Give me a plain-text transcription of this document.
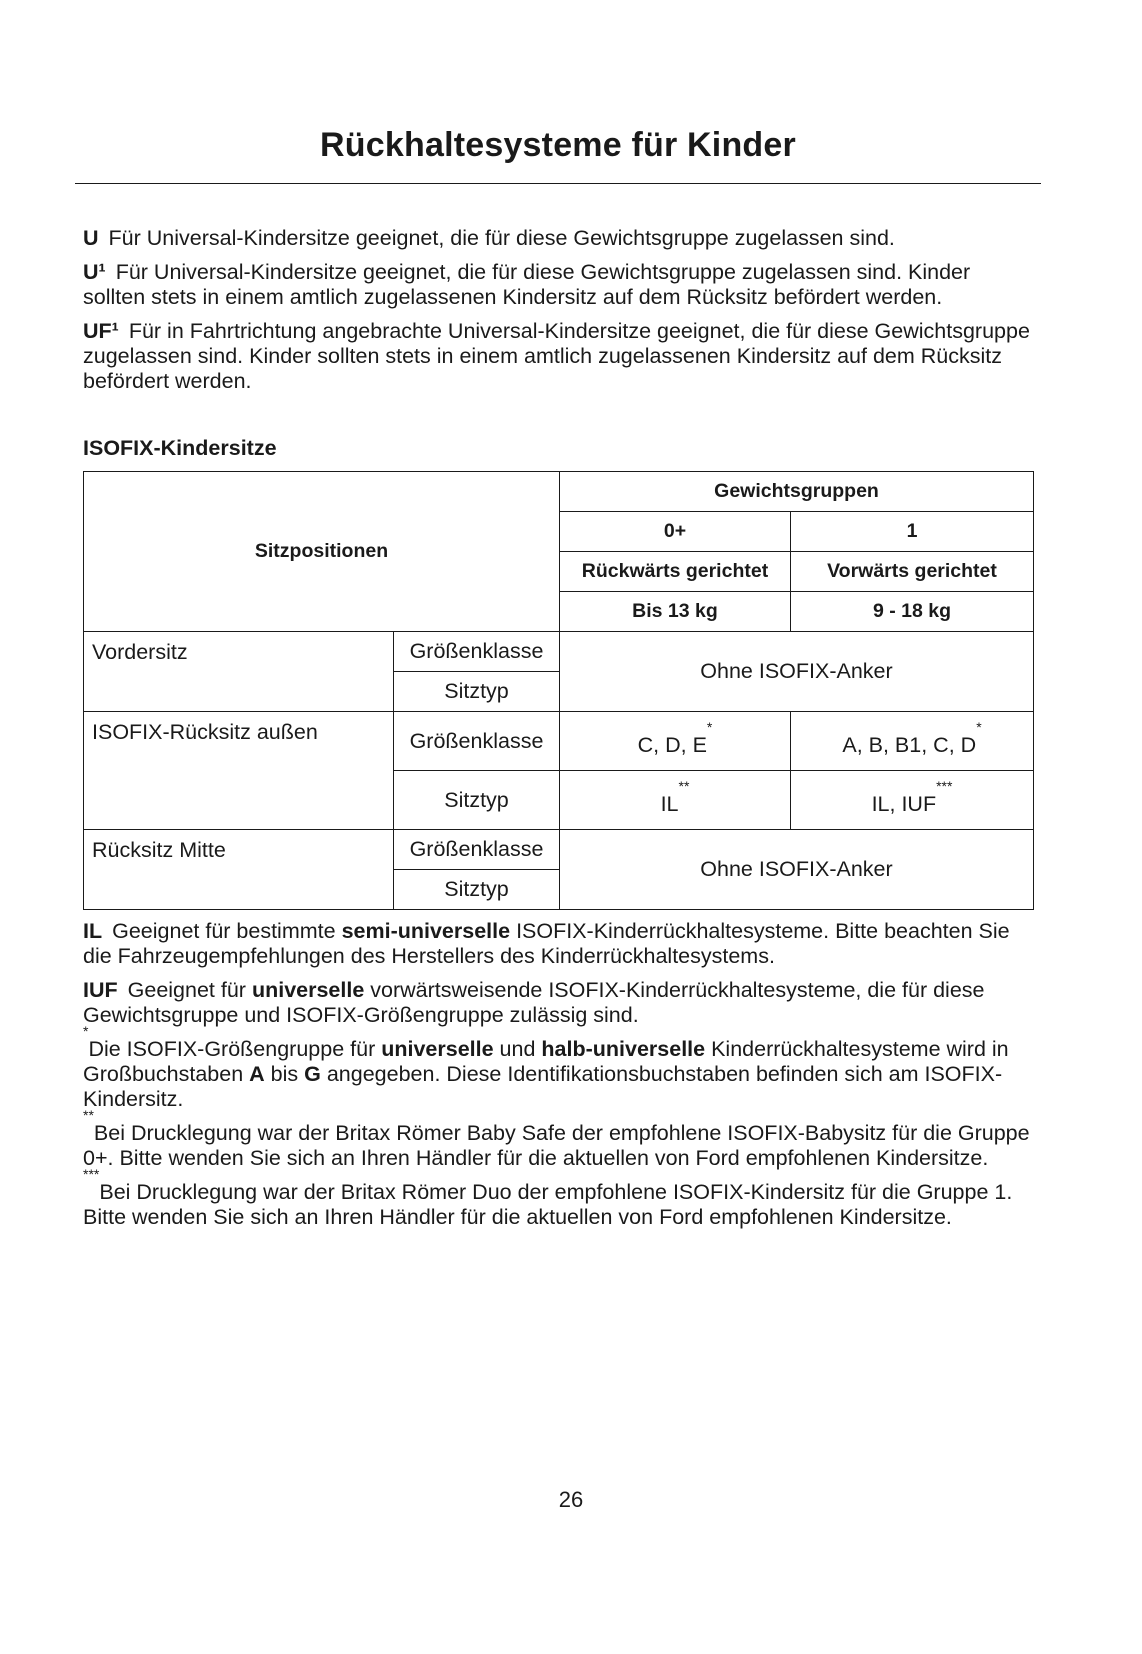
Rückhaltesysteme für Kinder

U Für Universal-Kindersitze geeignet, die für diese Gewichtsgruppe zugelassen sind.

U¹ Für Universal-Kindersitze geeignet, die für diese Gewichtsgruppe zugelassen sind. Kinder sollten stets in einem amtlich zugelassenen Kindersitz auf dem Rücksitz befördert werden.

UF¹ Für in Fahrtrichtung angebrachte Universal-Kindersitze geeignet, die für diese Gewichtsgruppe zugelassen sind. Kinder sollten stets in einem amtlich zugelassenen Kindersitz auf dem Rücksitz befördert werden.

ISOFIX-Kindersitze
Sitzpositionen		Gewichtsgruppen	
		0+	1
		Rückwärts gerichtet	Vorwärts gerichtet
		Bis 13 kg	9 - 18 kg
Vordersitz	Größenklasse	Ohne ISOFIX-Anker	
	Sitztyp		
ISOFIX-Rücksitz außen	Größenklasse	C, D, E*	A, B, B1, C, D*
	Sitztyp	IL**	IL, IUF***
Rücksitz Mitte	Größenklasse	Ohne ISOFIX-Anker	
	Sitztyp		

IL Geeignet für bestimmte semi-universelle ISOFIX-Kinderrückhaltesysteme. Bitte beachten Sie die Fahrzeugempfehlungen des Herstellers des Kinderrückhaltesystems.

IUF Geeignet für universelle vorwärtsweisende ISOFIX-Kinderrückhaltesysteme, die für diese Gewichtsgruppe und ISOFIX-Größengruppe zulässig sind.

*Die ISOFIX-Größengruppe für universelle und halb-universelle Kinderrückhaltesysteme wird in Großbuchstaben A bis G angegeben. Diese Identifikationsbuchstaben befinden sich am ISOFIX-Kindersitz.

**Bei Drucklegung war der Britax Römer Baby Safe der empfohlene ISOFIX-Babysitz für die Gruppe 0+. Bitte wenden Sie sich an Ihren Händler für die aktuellen von Ford empfohlenen Kindersitze.

***Bei Drucklegung war der Britax Römer Duo der empfohlene ISOFIX-Kindersitz für die Gruppe 1. Bitte wenden Sie sich an Ihren Händler für die aktuellen von Ford empfohlenen Kindersitze.

26
